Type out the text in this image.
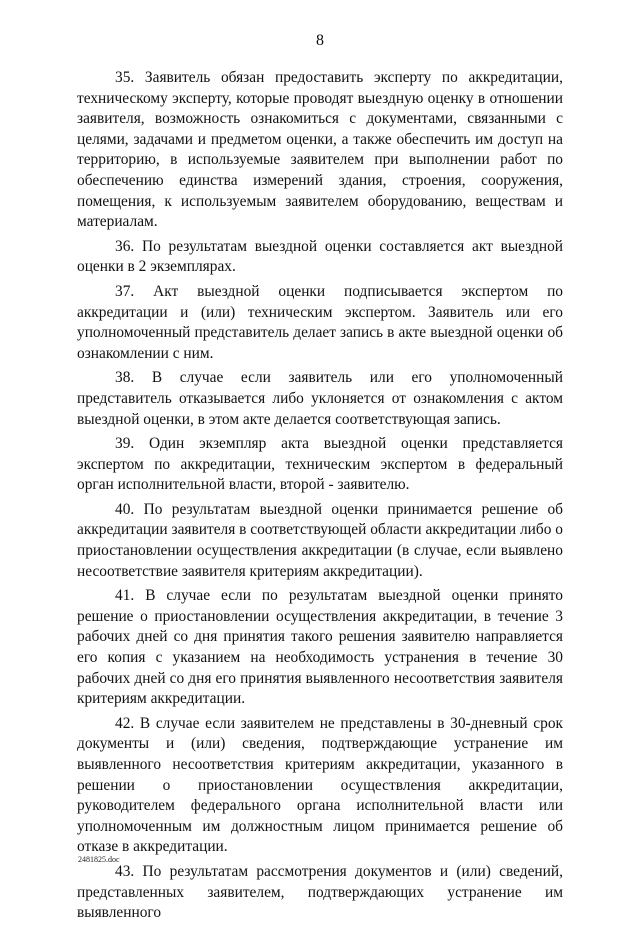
8

35. Заявитель обязан предоставить эксперту по аккредитации, техническому эксперту, которые проводят выездную оценку в отношении заявителя, возможность ознакомиться с документами, связанными с целями, задачами и предметом оценки, а также обеспечить им доступ на территорию, в используемые заявителем при выполнении работ по обеспечению единства измерений здания, строения, сооружения, помещения, к используемым заявителем оборудованию, веществам и материалам.

36. По результатам выездной оценки составляется акт выездной оценки в 2 экземплярах.

37. Акт выездной оценки подписывается экспертом по аккредитации и (или) техническим экспертом. Заявитель или его уполномоченный представитель делает запись в акте выездной оценки об ознакомлении с ним.

38. В случае если заявитель или его уполномоченный представитель отказывается либо уклоняется от ознакомления с актом выездной оценки, в этом акте делается соответствующая запись.

39. Один экземпляр акта выездной оценки представляется экспертом по аккредитации, техническим экспертом в федеральный орган исполнительной власти, второй - заявителю.

40. По результатам выездной оценки принимается решение об аккредитации заявителя в соответствующей области аккредитации либо о приостановлении осуществления аккредитации (в случае, если выявлено несоответствие заявителя критериям аккредитации).

41. В случае если по результатам выездной оценки принято решение о приостановлении осуществления аккредитации, в течение 3 рабочих дней со дня принятия такого решения заявителю направляется его копия с указанием на необходимость устранения в течение 30 рабочих дней со дня его принятия выявленного несоответствия заявителя критериям аккредитации.

42. В случае если заявителем не представлены в 30-дневный срок документы и (или) сведения, подтверждающие устранение им выявленного несоответствия критериям аккредитации, указанного в решении о приостановлении осуществления аккредитации, руководителем федерального органа исполнительной власти или уполномоченным им должностным лицом принимается решение об отказе в аккредитации.

43. По результатам рассмотрения документов и (или) сведений, представленных заявителем, подтверждающих устранение им выявленного

2481825.doc
